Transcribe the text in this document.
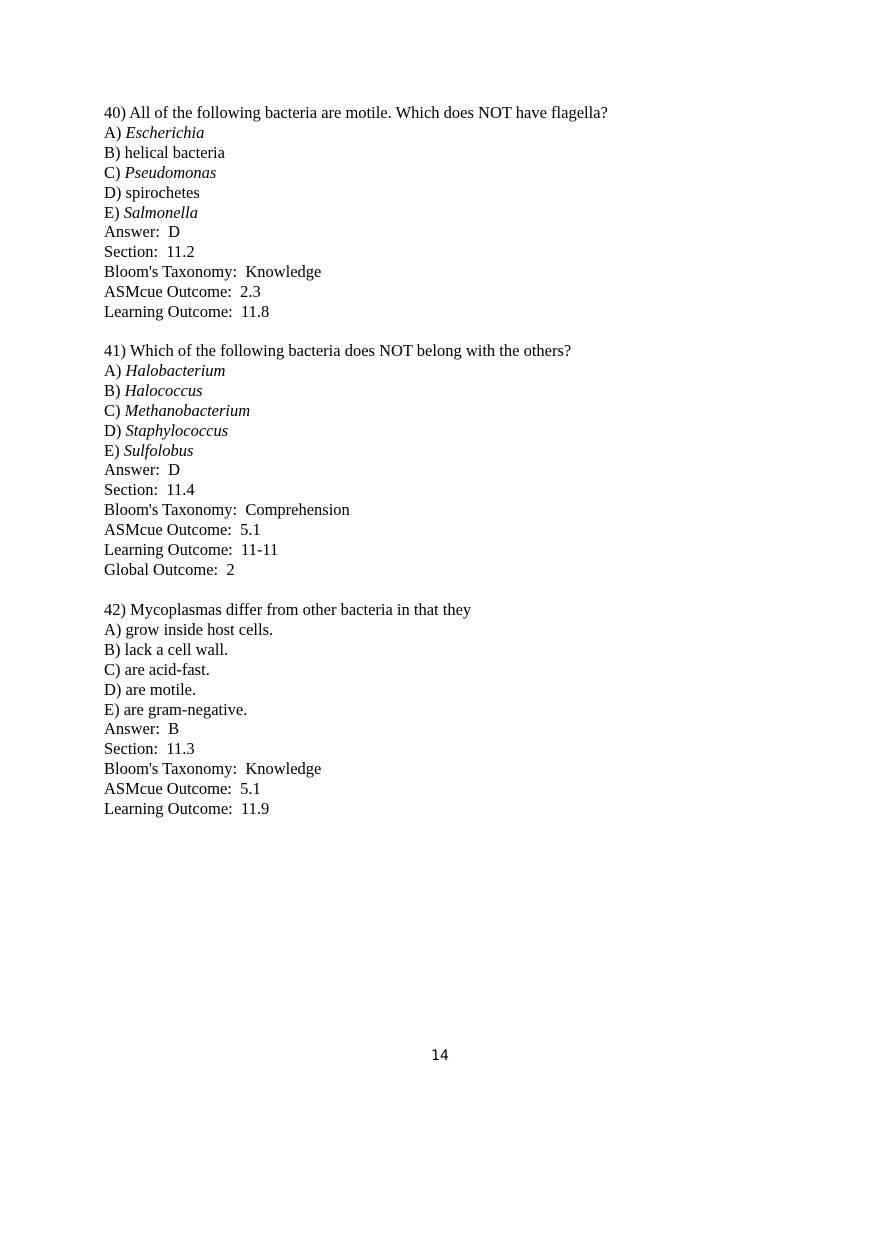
40) All of the following bacteria are motile. Which does NOT have flagella?
A) Escherichia
B) helical bacteria
C) Pseudomonas
D) spirochetes
E) Salmonella
Answer:  D
Section:  11.2
Bloom's Taxonomy:  Knowledge
ASMcue Outcome:  2.3
Learning Outcome:  11.8
41) Which of the following bacteria does NOT belong with the others?
A) Halobacterium
B) Halococcus
C) Methanobacterium
D) Staphylococcus
E) Sulfolobus
Answer:  D
Section:  11.4
Bloom's Taxonomy:  Comprehension
ASMcue Outcome:  5.1
Learning Outcome:  11-11
Global Outcome:  2
42) Mycoplasmas differ from other bacteria in that they
A) grow inside host cells.
B) lack a cell wall.
C) are acid-fast.
D) are motile.
E) are gram-negative.
Answer:  B
Section:  11.3
Bloom's Taxonomy:  Knowledge
ASMcue Outcome:  5.1
Learning Outcome:  11.9
14
